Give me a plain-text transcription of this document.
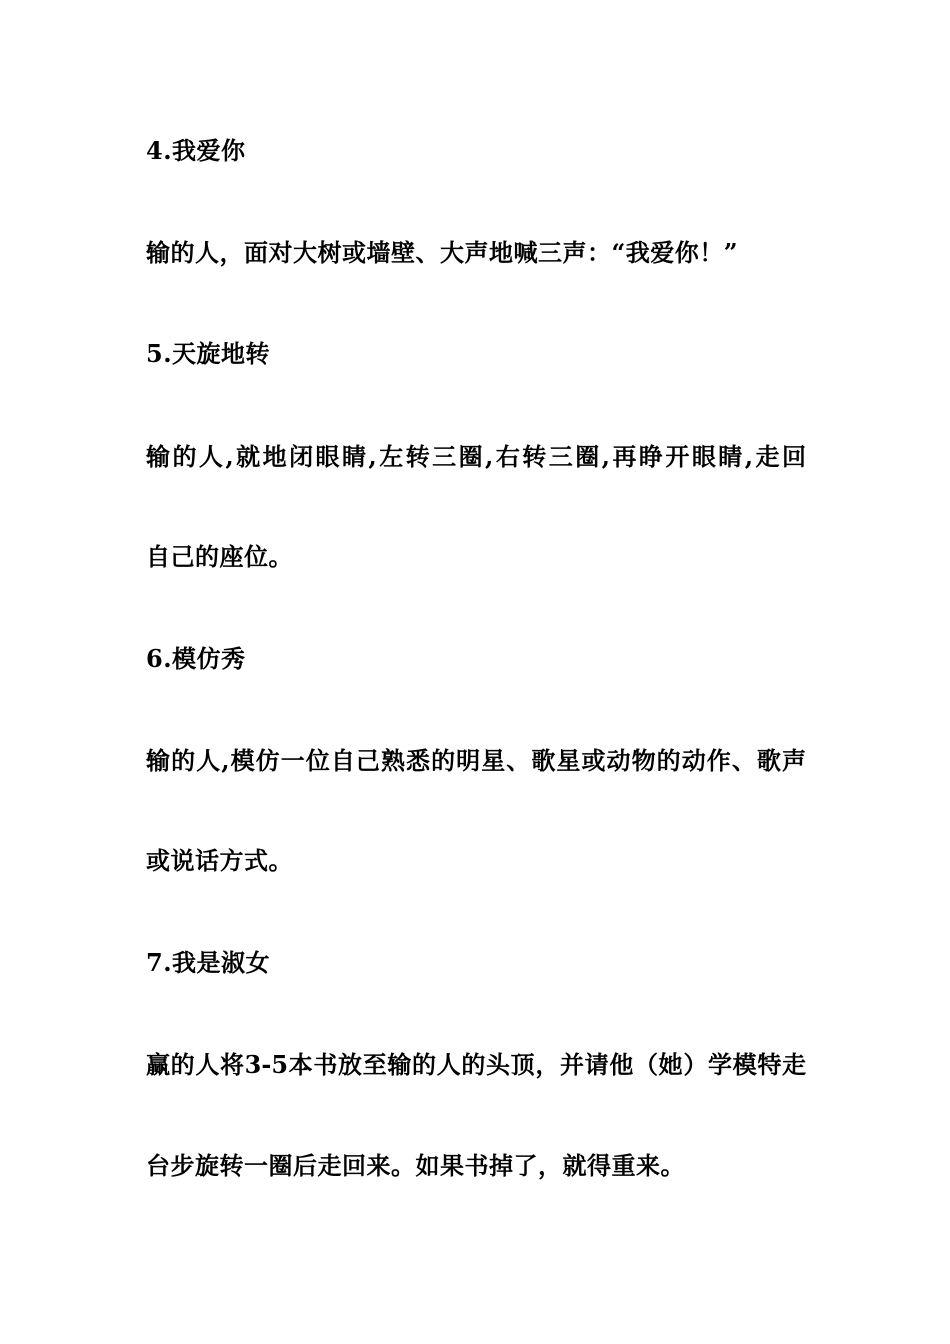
4.我爱你
输的人，面对大树或墙壁、大声地喊三声：“我爱你！”
5.天旋地转
输的人,就地闭眼睛,左转三圈,右转三圈,再睁开眼睛,走回
自己的座位。
6.模仿秀
输的人,模仿一位自己熟悉的明星、歌星或动物的动作、歌声
或说话方式。
7.我是淑女
赢的人将3-5本书放至输的人的头顶，并请他（她）学模特走
台步旋转一圈后走回来。如果书掉了，就得重来。
